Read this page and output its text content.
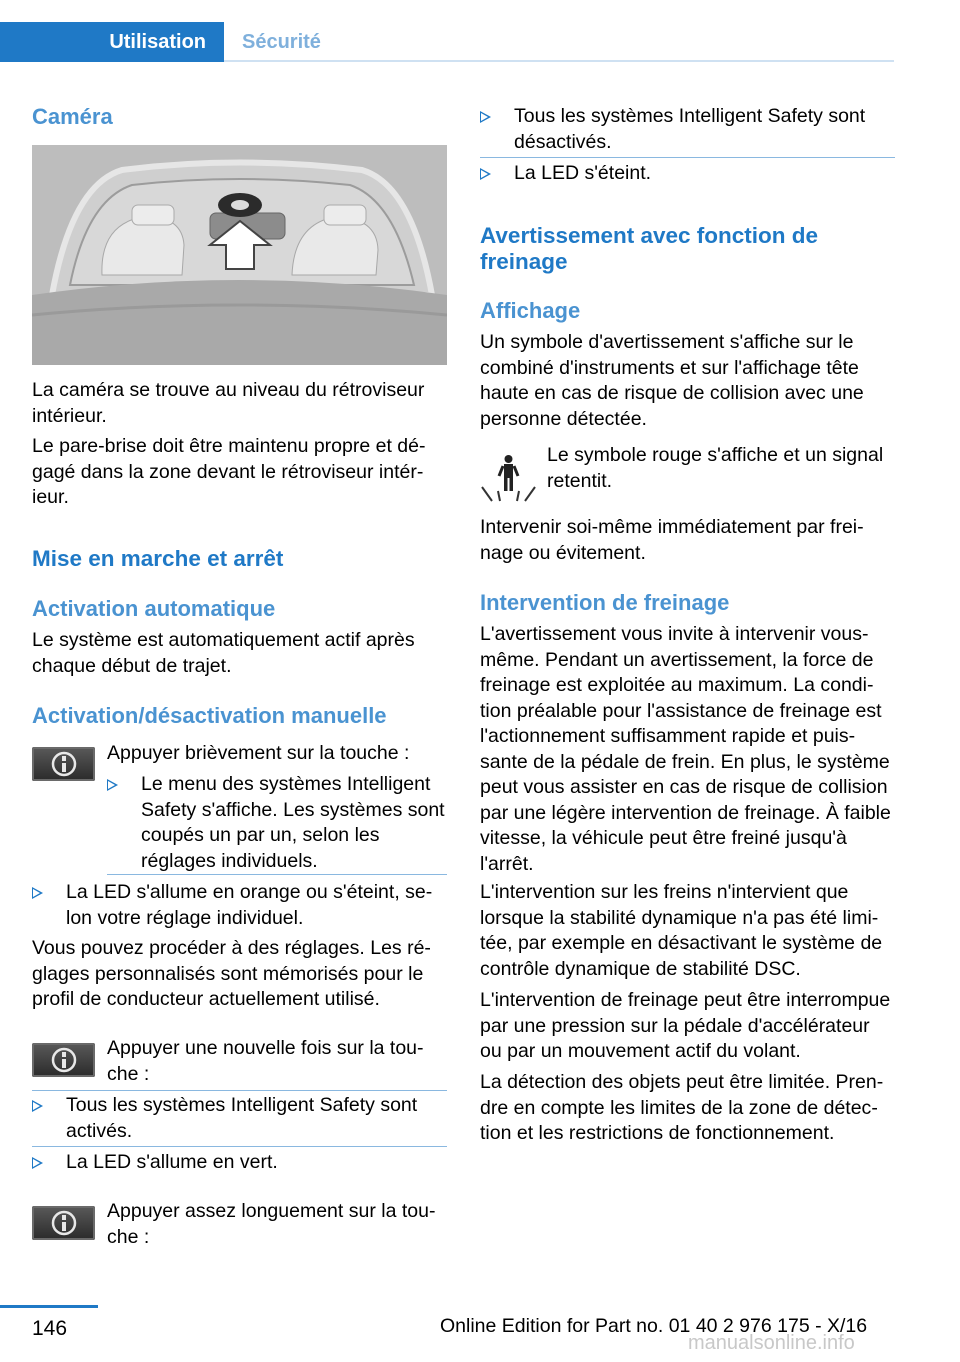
Utilisation Sécurité
Caméra
La caméra se trouve au niveau du rétroviseur intérieur.
Le pare-brise doit être maintenu propre et dégagé dans la zone devant le rétroviseur intérieur.
Mise en marche et arrêt
Activation automatique
Le système est automatiquement actif après chaque début de trajet.
Activation/désactivation manuelle
Appuyer brièvement sur la touche :
Le menu des systèmes Intelligent Safety s'affiche. Les systèmes sont coupés un par un, selon les réglages individuels.
La LED s'allume en orange ou s'éteint, selon votre réglage individuel.
Vous pouvez procéder à des réglages. Les réglages personnalisés sont mémorisés pour le profil de conducteur actuellement utilisé.
Appuyer une nouvelle fois sur la touche :
Tous les systèmes Intelligent Safety sont activés.
La LED s'allume en vert.
Appuyer assez longuement sur la touche :
Tous les systèmes Intelligent Safety sont désactivés.
La LED s'éteint.
Avertissement avec fonction de freinage
Affichage
Un symbole d'avertissement s'affiche sur le combiné d'instruments et sur l'affichage tête haute en cas de risque de collision avec une personne détectée.
Le symbole rouge s'affiche et un signal retentit.
Intervenir soi-même immédiatement par freinage ou évitement.
Intervention de freinage
L'avertissement vous invite à intervenir vous-même. Pendant un avertissement, la force de freinage est exploitée au maximum. La condition préalable pour l'assistance de freinage est l'actionnement suffisamment rapide et puissante de la pédale de frein. En plus, le système peut vous assister en cas de risque de collision par une légère intervention de freinage. À faible vitesse, la véhicule peut être freiné jusqu'à l'arrêt.
L'intervention sur les freins n'intervient que lorsque la stabilité dynamique n'a pas été limitée, par exemple en désactivant le système de contrôle dynamique de stabilité DSC.
L'intervention de freinage peut être interrompue par une pression sur la pédale d'accélérateur ou par un mouvement actif du volant.
La détection des objets peut être limitée. Prendre en compte les limites de la zone de détection et les restrictions de fonctionnement.
146	Online Edition for Part no. 01 40 2 976 175 - X/16
manualsonline.info
